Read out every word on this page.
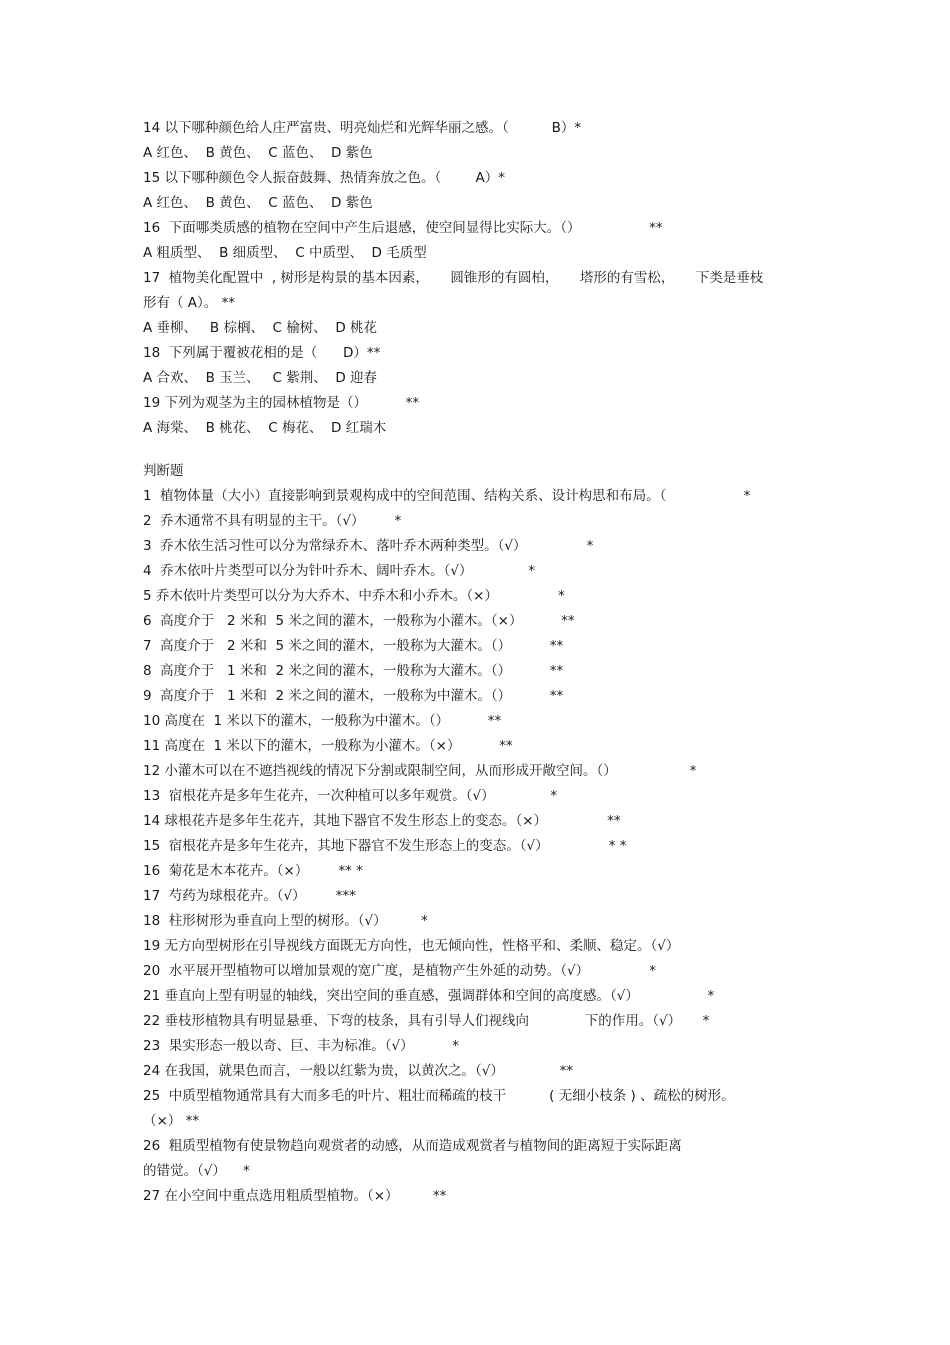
14 以下哪种颜色给人庄严富贵、明亮灿烂和光辉华丽之感。（          B）*
A 红色、  B 黄色、  C 蓝色、  D 紫色
15 以下哪种颜色令人振奋鼓舞、热情奔放之色。（        A）*
A 红色、  B 黄色、  C 蓝色、  D 紫色
16  下面哪类质感的植物在空间中产生后退感，使空间显得比实际大。（）                **
A 粗质型、  B 细质型、  C 中质型、  D 毛质型
17  植物美化配置中  , 树形是构景的基本因素，     圆锥形的有圆柏，     塔形的有雪松，     下类是垂枝
形有（ A）。 **
A 垂柳、   B 棕榈、  C 榆树、  D 桃花
18  下列属于覆被花相的是（      D）**
A 合欢、  B 玉兰、   C 紫荆、  D 迎春
19 下列为观茎为主的园林植物是（）         **
A 海棠、  B 桃花、  C 梅花、  D 红瑞木
判断题
1  植物体量（大小）直接影响到景观构成中的空间范围、结构关系、设计构思和布局。（                  *
2  乔木通常不具有明显的主干。（√）       *
3  乔木依生活习性可以分为常绿乔木、落叶乔木两种类型。（√）              *
4  乔木依叶片类型可以分为针叶乔木、阔叶乔木。（√）             *
5 乔木依叶片类型可以分为大乔木、中乔木和小乔木。（×）              *
6  高度介于   2 米和  5 米之间的灌木，一般称为小灌木。（×）         **
7  高度介于   2 米和  5 米之间的灌木，一般称为大灌木。（）         **
8  高度介于   1 米和  2 米之间的灌木，一般称为大灌木。（）         **
9  高度介于   1 米和  2 米之间的灌木，一般称为中灌木。（）         **
10 高度在  1 米以下的灌木，一般称为中灌木。（）         **
11 高度在  1 米以下的灌木，一般称为小灌木。（×）         **
12 小灌木可以在不遮挡视线的情况下分割或限制空间，从而形成开敞空间。（）                 *
13  宿根花卉是多年生花卉，一次种植可以多年观赏。（√）             *
14 球根花卉是多年生花卉，其地下器官不发生形态上的变态。（×）              **
15  宿根花卉是多年生花卉，其地下器官不发生形态上的变态。（√）              * *
16  菊花是木本花卉。（×）       ** *
17  芍药为球根花卉。（√）       ***
18  柱形树形为垂直向上型的树形。（√）        *
19 无方向型树形在引导视线方面既无方向性，也无倾向性，性格平和、柔顺、稳定。（√）
20  水平展开型植物可以增加景观的宽广度，是植物产生外延的动势。（√）              *
21 垂直向上型有明显的轴线，突出空间的垂直感，强调群体和空间的高度感。（√）                *
22 垂枝形植物具有明显悬垂、下弯的枝条，具有引导人们视线向             下的作用。（√）     *
23  果实形态一般以奇、巨、丰为标准。（√）         *
24 在我国，就果色而言，一般以红紫为贵，以黄次之。（√）             **
25  中质型植物通常具有大而多毛的叶片、粗壮而稀疏的枝干          ( 无细小枝条 ) 、疏松的树形。
（×） **
26  粗质型植物有使景物趋向观赏者的动感，从而造成观赏者与植物间的距离短于实际距离
的错觉。（√）    *
27 在小空间中重点选用粗质型植物。（×）        **
